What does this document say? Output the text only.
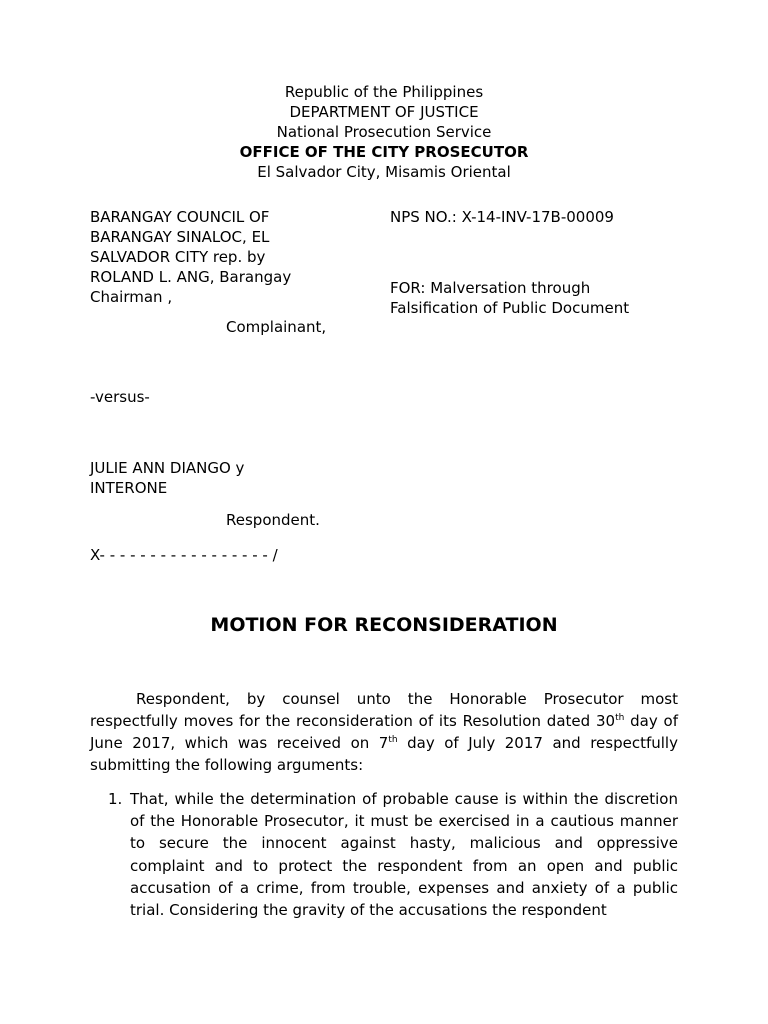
Republic of the Philippines
DEPARTMENT OF JUSTICE
National Prosecution Service
OFFICE OF THE CITY PROSECUTOR
El Salvador City, Misamis Oriental
BARANGAY COUNCIL OF
BARANGAY SINALOC, EL
SALVADOR CITY rep. by
ROLAND L. ANG, Barangay
Chairman ,
NPS NO.: X-14-INV-17B-00009
FOR: Malversation through
Falsification of Public Document
Complainant,
-versus-
JULIE ANN DIANGO y
INTERONE
Respondent.
X- - - - - - - - - - - - - - - - - /
MOTION FOR RECONSIDERATION
Respondent, by counsel unto the Honorable Prosecutor most respectfully moves for the reconsideration of its Resolution dated 30th day of June 2017, which was received on 7th day of July 2017 and respectfully submitting the following arguments:
1. That, while the determination of probable cause is within the discretion of the Honorable Prosecutor, it must be exercised in a cautious manner to secure the innocent against hasty, malicious and oppressive complaint and to protect the respondent from an open and public accusation of a crime, from trouble, expenses and anxiety of a public trial. Considering the gravity of the accusations the respondent
